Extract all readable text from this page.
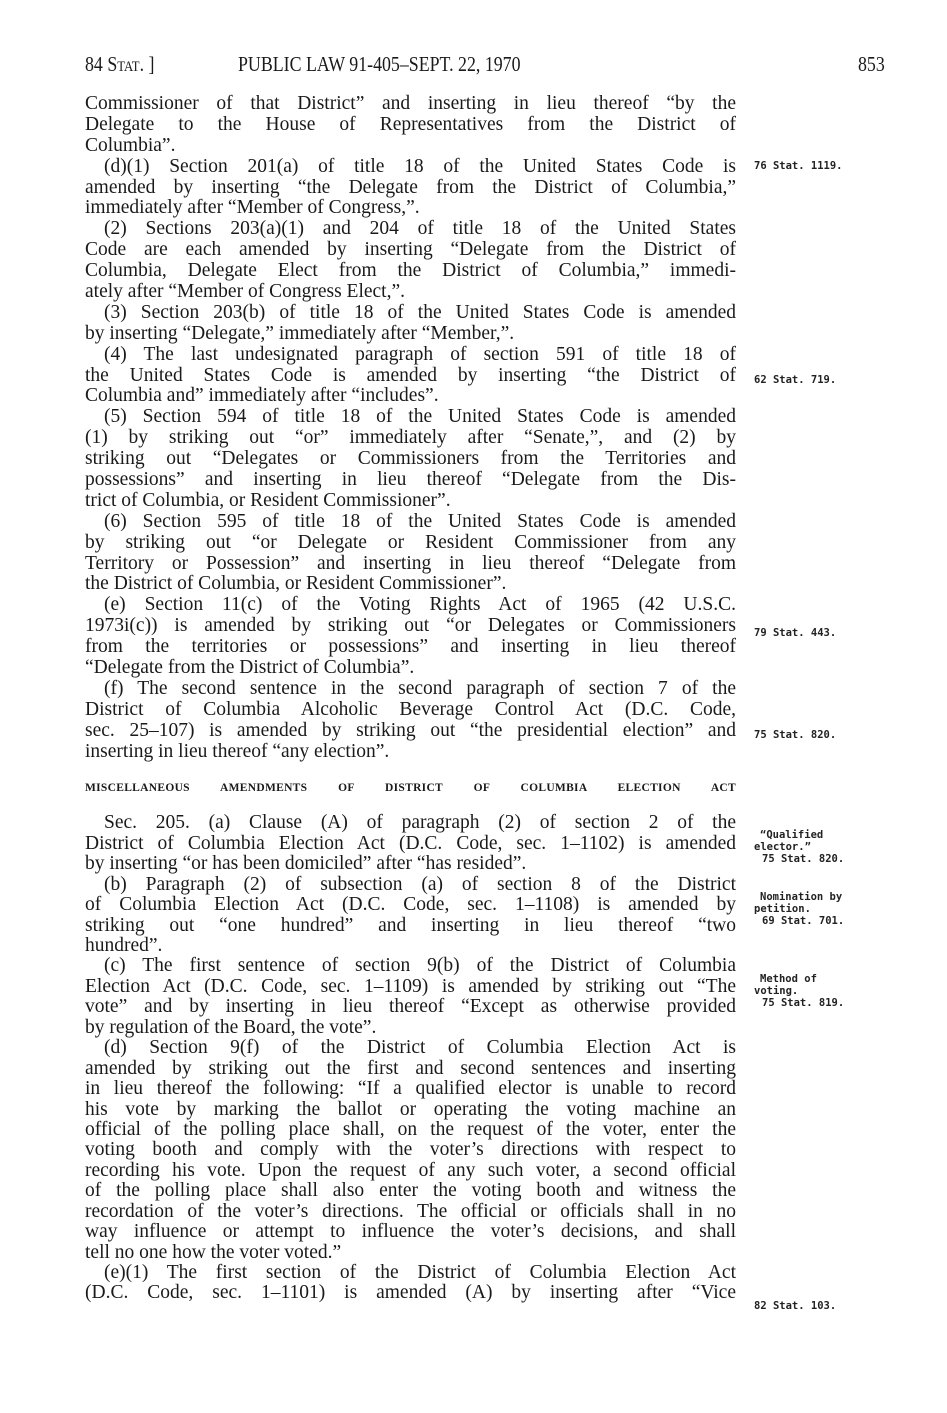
84 Stat. ]	PUBLIC LAW 91-405–SEPT. 22, 1970	853
Commissioner of that District” and inserting in lieu thereof “by the
Delegate to the House of Representatives from the District of
Columbia”.
(d)(1) Section 201(a) of title 18 of the United States Code is
amended by inserting “the Delegate from the District of Columbia,”
immediately after “Member of Congress,”.
(2) Sections 203(a)(1) and 204 of title 18 of the United States
Code are each amended by inserting “Delegate from the District of
Columbia, Delegate Elect from the District of Columbia,” immedi-
ately after “Member of Congress Elect,”.
(3) Section 203(b) of title 18 of the United States Code is amended
by inserting “Delegate,” immediately after “Member,”.
(4) The last undesignated paragraph of section 591 of title 18 of
the United States Code is amended by inserting “the District of
Columbia and” immediately after “includes”.
(5) Section 594 of title 18 of the United States Code is amended
(1) by striking out “or” immediately after “Senate,”, and (2) by
striking out “Delegates or Commissioners from the Territories and
possessions” and inserting in lieu thereof “Delegate from the Dis-
trict of Columbia, or Resident Commissioner”.
(6) Section 595 of title 18 of the United States Code is amended
by striking out “or Delegate or Resident Commissioner from any
Territory or Possession” and inserting in lieu thereof “Delegate from
the District of Columbia, or Resident Commissioner”.
(e) Section 11(c) of the Voting Rights Act of 1965 (42 U.S.C.
1973i(c)) is amended by striking out “or Delegates or Commissioners
from the territories or possessions” and inserting in lieu thereof
“Delegate from the District of Columbia”.
(f) The second sentence in the second paragraph of section 7 of the
District of Columbia Alcoholic Beverage Control Act (D.C. Code,
sec. 25–107) is amended by striking out “the presidential election” and
inserting in lieu thereof “any election”.
MISCELLANEOUS AMENDMENTS OF DISTRICT OF COLUMBIA ELECTION ACT
Sec. 205. (a) Clause (A) of paragraph (2) of section 2 of the
District of Columbia Election Act (D.C. Code, sec. 1–1102) is amended
by inserting “or has been domiciled” after “has resided”.
(b) Paragraph (2) of subsection (a) of section 8 of the District
of Columbia Election Act (D.C. Code, sec. 1–1108) is amended by
striking out “one hundred” and inserting in lieu thereof “two
hundred”.
(c) The first sentence of section 9(b) of the District of Columbia
Election Act (D.C. Code, sec. 1–1109) is amended by striking out “The
vote” and by inserting in lieu thereof “Except as otherwise provided
by regulation of the Board, the vote”.
(d) Section 9(f) of the District of Columbia Election Act is
amended by striking out the first and second sentences and inserting
in lieu thereof the following: “If a qualified elector is unable to record
his vote by marking the ballot or operating the voting machine an
official of the polling place shall, on the request of the voter, enter the
voting booth and comply with the voter’s directions with respect to
recording his vote. Upon the request of any such voter, a second official
of the polling place shall also enter the voting booth and witness the
recordation of the voter’s directions. The official or officials shall in no
way influence or attempt to influence the voter’s decisions, and shall
tell no one how the voter voted.”
(e)(1) The first section of the District of Columbia Election Act
(D.C. Code, sec. 1–1101) is amended (A) by inserting after “Vice
76 Stat. 1119.
62 Stat. 719.
79 Stat. 443.
75 Stat. 820.
“Qualified
elector.”
75 Stat. 820.
Nomination by
petition.
69 Stat. 701.
Method of
voting.
75 Stat. 819.
82 Stat. 103.
